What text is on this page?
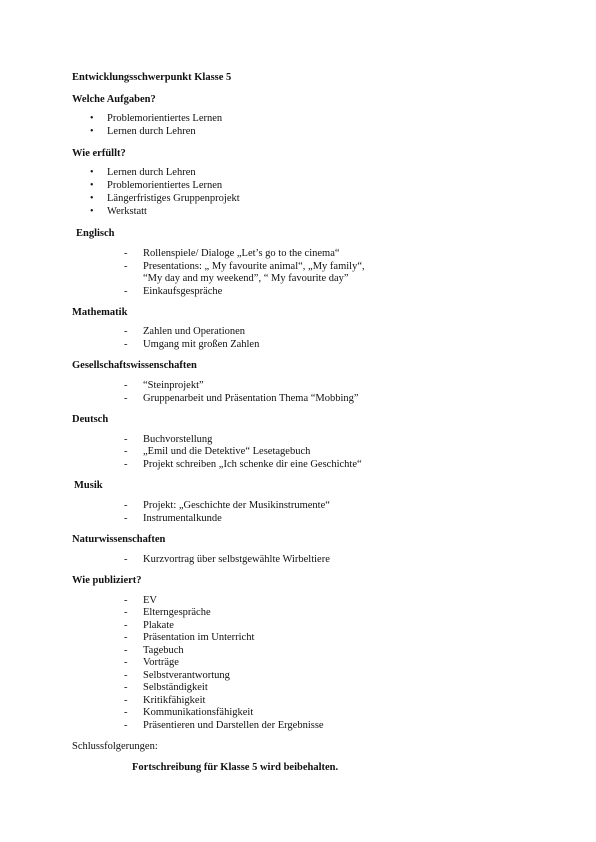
Entwicklungsschwerpunkt Klasse 5
Welche Aufgaben?
• Problemorientiertes Lernen
• Lernen durch Lehren
Wie erfüllt?
• Lernen durch Lehren
• Problemorientiertes Lernen
• Längerfristiges Gruppenprojekt
• Werkstatt
Englisch
- Rollenspiele/ Dialoge „Let’s go to the cinema“
- Presentations: „ My favourite animal“, „My family“,
“My day and my weekend”, “ My favourite day”
- Einkaufsgespräche
Mathematik
- Zahlen und Operationen
- Umgang mit großen Zahlen
Gesellschaftswissenschaften
- “Steinprojekt”
- Gruppenarbeit und Präsentation Thema “Mobbing”
Deutsch
- Buchvorstellung
- „Emil und die Detektive“ Lesetagebuch
- Projekt schreiben „Ich schenke dir eine Geschichte“
Musik
- Projekt: „Geschichte der Musikinstrumente“
- Instrumentalkunde
Naturwissenschaften
- Kurzvortrag über selbstgewählte Wirbeltiere
Wie publiziert?
- EV
- Elterngespräche
- Plakate
- Präsentation im Unterricht
- Tagebuch
- Vorträge
- Selbstverantwortung
- Selbständigkeit
- Kritikfähigkeit
- Kommunikationsfähigkeit
- Präsentieren und Darstellen der Ergebnisse
Schlussfolgerungen:
Fortschreibung für Klasse 5 wird beibehalten.
